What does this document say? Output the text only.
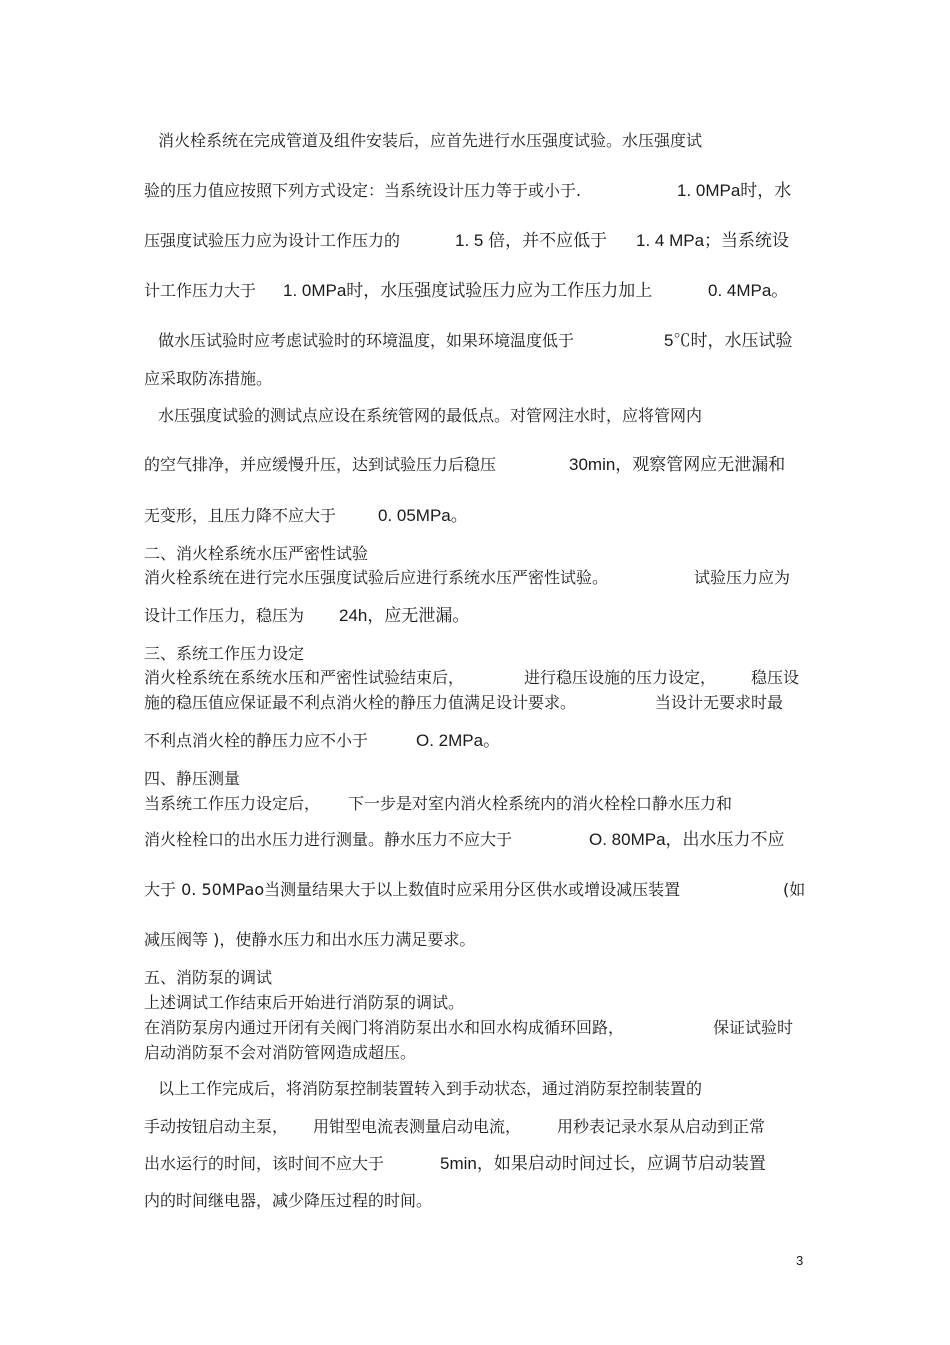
消火栓系统在完成管道及组件安装后，应首先进行水压强度试验。水压强度试

验的压力值应按照下列方式设定：当系统设计压力等于或小于.	1. 0MPa时，水

压强度试验压力应为设计工作压力的	1. 5 倍，并不应低于 1. 4 MPa；当系统设

计工作压力大于 1. 0MPa时，水压强度试验压力应为工作压力加上	0. 4MPa。

做水压试验时应考虑试验时的环境温度，如果环境温度低于	5℃时，水压试验

应采取防冻措施。

水压强度试验的测试点应设在系统管网的最低点。对管网注水时，应将管网内

的空气排净，并应缓慢升压，达到试验压力后稳压	30min，观察管网应无泄漏和

无变形，且压力降不应大于 0. 05MPa。

二、消火栓系统水压严密性试验

消火栓系统在进行完水压强度试验后应进行系统水压严密性试验。	试验压力应为

设计工作压力，稳压为 24h，应无泄漏。

三、系统工作压力设定

消火栓系统在系统水压和严密性试验结束后，	进行稳压设施的压力设定， 稳压设

施的稳压值应保证最不利点消火栓的静压力值满足设计要求。	当设计无要求时最

不利点消火栓的静压力应不小于	O. 2MPa。

四、静压测量

当系统工作压力设定后， 下一步是对室内消火栓系统内的消火栓栓口静水压力和

消火栓栓口的出水压力进行测量。静水压力不应大于	O. 80MPa，出水压力不应

大于 0. 50MPao当测量结果大于以上数值时应采用分区供水或增设减压装置	(如

减压阀等 )，使静水压力和出水压力满足要求。

五、消防泵的调试

上述调试工作结束后开始进行消防泵的调试。

在消防泵房内通过开闭有关阀门将消防泵出水和回水构成循环回路，	保证试验时

启动消防泵不会对消防管网造成超压。

以上工作完成后，将消防泵控制装置转入到手动状态，通过消防泵控制装置的

手动按钮启动主泵， 用钳型电流表测量启动电流， 用秒表记录水泵从启动到正常

出水运行的时间，该时间不应大于	5min，如果启动时间过长，应调节启动装置

内的时间继电器，减少降压过程的时间。

3
